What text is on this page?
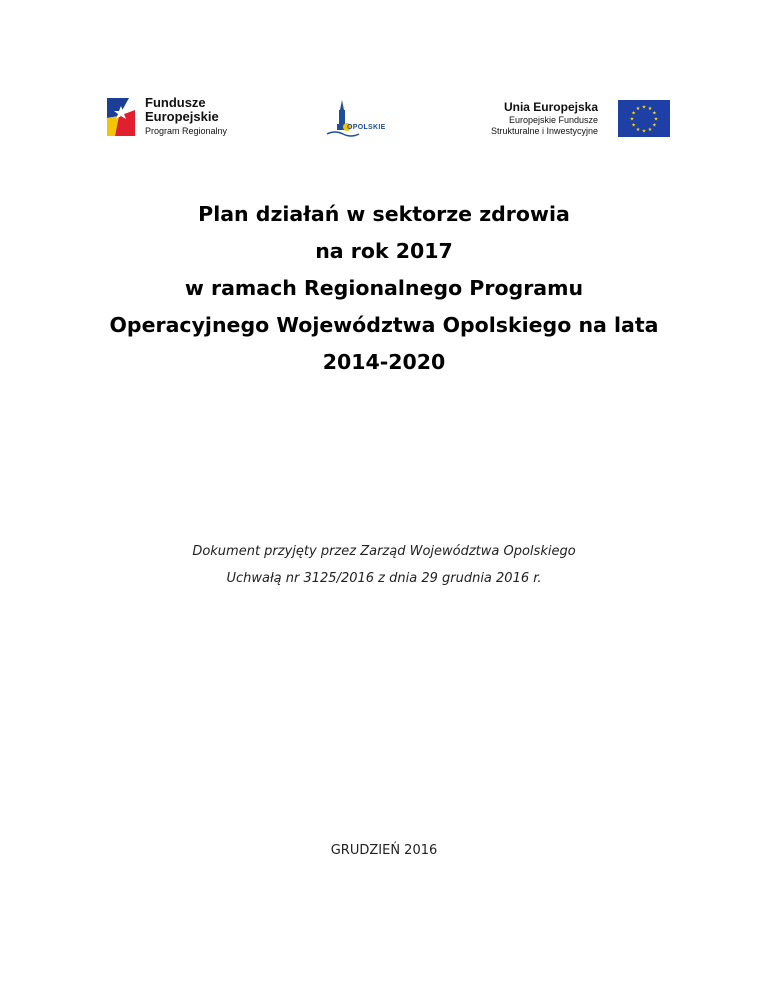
Fundusze
Europejskie
Program Regionalny	OPOLSKIE
Unia Europejska
Europejskie Fundusze
Strukturalne i Inwestycyjne
★ ★
★
★
★
★
★
★
★
★
★
★
Plan działań w sektorze zdrowia
na rok 2017
w ramach Regionalnego Programu
Operacyjnego Województwa Opolskiego na lata
2014-2020
Dokument przyjęty przez Zarząd Województwa Opolskiego
Uchwałą nr 3125/2016 z dnia 29 grudnia 2016 r.
GRUDZIEŃ 2016
